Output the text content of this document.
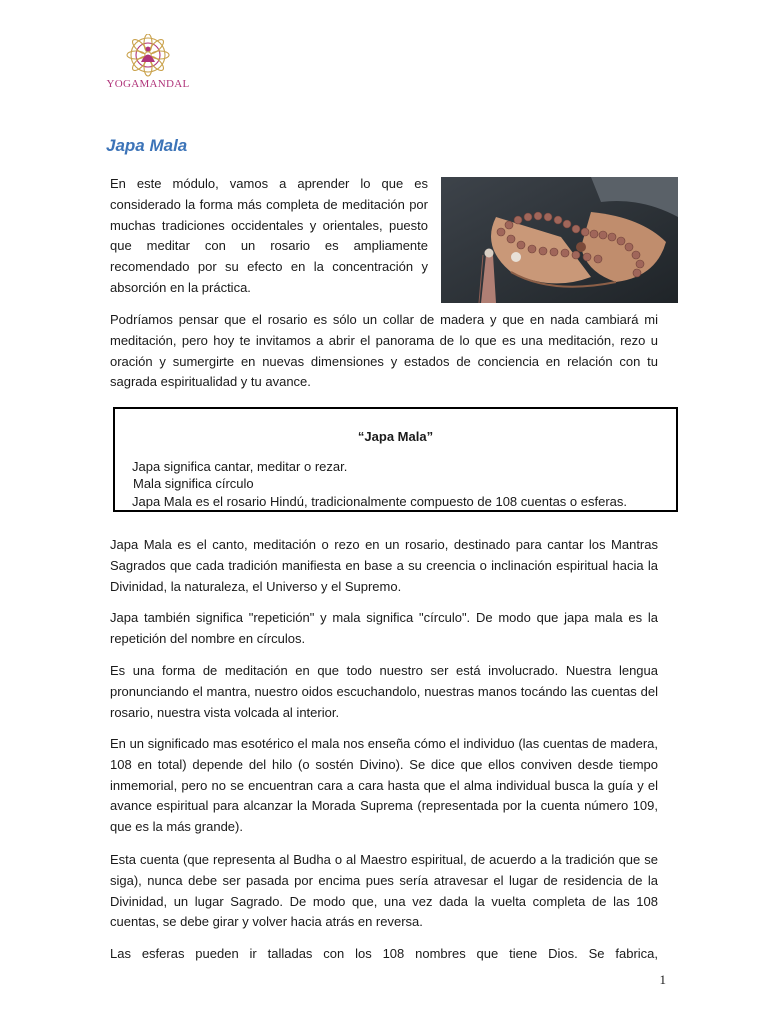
YOGAMANDAL
Japa Mala

En este módulo, vamos a aprender lo que es considerado la forma más completa de meditación por muchas tradiciones occidentales y orientales, puesto que meditar con un rosario es ampliamente recomendado por su efecto en la concentración y absorción en la práctica.

Podríamos pensar que el rosario es sólo un collar de madera y que en nada cambiará mi meditación, pero hoy te invitamos a abrir el panorama de lo que es una meditación, rezo u oración y sumergirte en nuevas dimensiones y estados de conciencia en relación con tu sagrada espiritualidad y tu avance.

“Japa Mala”
Japa significa cantar, meditar o rezar.
Mala significa círculo
Japa Mala es el rosario Hindú, tradicionalmente compuesto de 108 cuentas o esferas.

Japa Mala es el canto, meditación o rezo en un rosario, destinado para cantar los Mantras Sagrados que cada tradición manifiesta en base a su creencia o inclinación espiritual hacia la Divinidad, la naturaleza, el Universo y el Supremo.

Japa también significa "repetición" y mala significa "círculo". De modo que japa mala es la repetición del nombre en círculos.

Es una forma de meditación en que todo nuestro ser está involucrado. Nuestra lengua pronunciando el mantra, nuestro oidos escuchandolo, nuestras manos tocándo las cuentas del rosario, nuestra vista volcada al interior.

En un significado mas esotérico el mala nos enseña cómo el individuo (las cuentas de madera, 108 en total) depende del hilo (o sostén Divino). Se dice que ellos conviven desde tiempo inmemorial, pero no se encuentran cara a cara hasta que el alma individual busca la guía y el avance espiritual para alcanzar la Morada Suprema (representada por la cuenta número 109, que es la más grande).

Esta cuenta (que representa al Budha o al Maestro espiritual, de acuerdo a la tradición que se siga), nunca debe ser pasada por encima pues sería atravesar el lugar de residencia de la Divinidad, un lugar Sagrado. De modo que, una vez dada la vuelta completa de las 108 cuentas, se debe girar y volver hacia atrás en reversa.

Las esferas pueden ir talladas con los 108 nombres que tiene Dios. Se fabrica,

1
